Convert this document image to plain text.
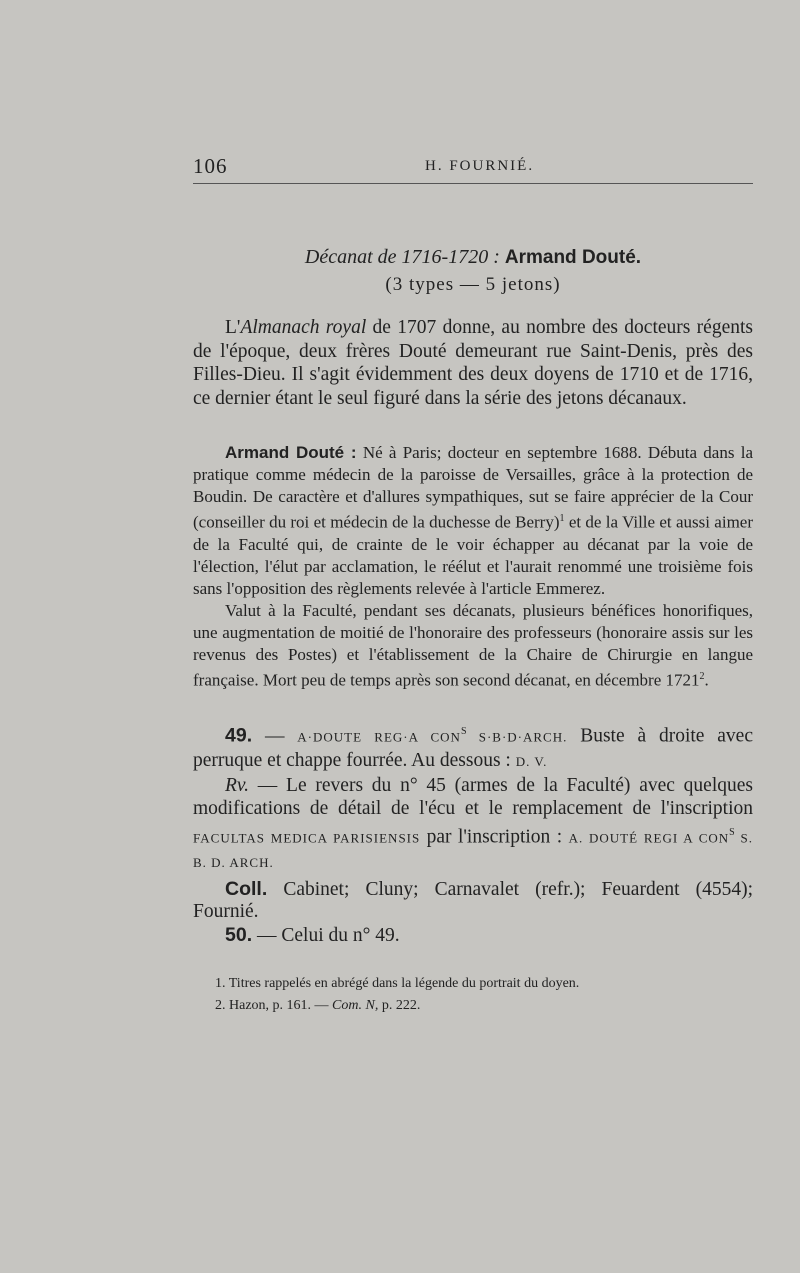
106	H. FOURNIÉ.
Décanat de 1716-1720 : Armand Douté.
(3 types — 5 jetons)
L'Almanach royal de 1707 donne, au nombre des docteurs régents de l'époque, deux frères Douté demeurant rue Saint-Denis, près des Filles-Dieu. Il s'agit évidemment des deux doyens de 1710 et de 1716, ce dernier étant le seul figuré dans la série des jetons décanaux.
Armand Douté : Né à Paris; docteur en septembre 1688. Débuta dans la pratique comme médecin de la paroisse de Versailles, grâce à la protection de Boudin. De caractère et d'allures sympathiques, sut se faire apprécier de la Cour (conseiller du roi et médecin de la duchesse de Berry)$^1$ et de la Ville et aussi aimer de la Faculté qui, de crainte de le voir échapper au décanat par la voie de l'élection, l'élut par acclamation, le réélut et l'aurait renommé une troisième fois sans l'opposition des règlements relevée à l'article Emmerez.
Valut à la Faculté, pendant ses décanats, plusieurs bénéfices honorifiques, une augmentation de moitié de l'honoraire des professeurs (honoraire assis sur les revenus des Postes) et l'établissement de la Chaire de Chirurgie en langue française. Mort peu de temps après son second décanat, en décembre 1721$^2$.
49. — A·DOUTE REG·A $CON^S$ S·B·D·ARCH. Buste à droite avec perruque et chappe fourrée. Au dessous : D. V.
Rv. — Le revers du n° 45 (armes de la Faculté) avec quelques modifications de détail de l'écu et le remplacement de l'inscription FACULTAS MEDICA PARISIENSIS par l'inscription : A. DOUTÉ REGI A $CON^S$ S. B. D. ARCH.
Coll. Cabinet; Cluny; Carnavalet (refr.); Feuardent (4554); Fournié.
50. — Celui du n° 49.
1. Titres rappelés en abrégé dans la légende du portrait du doyen.
2. Hazon, p. 161. — Com. N, p. 222.
